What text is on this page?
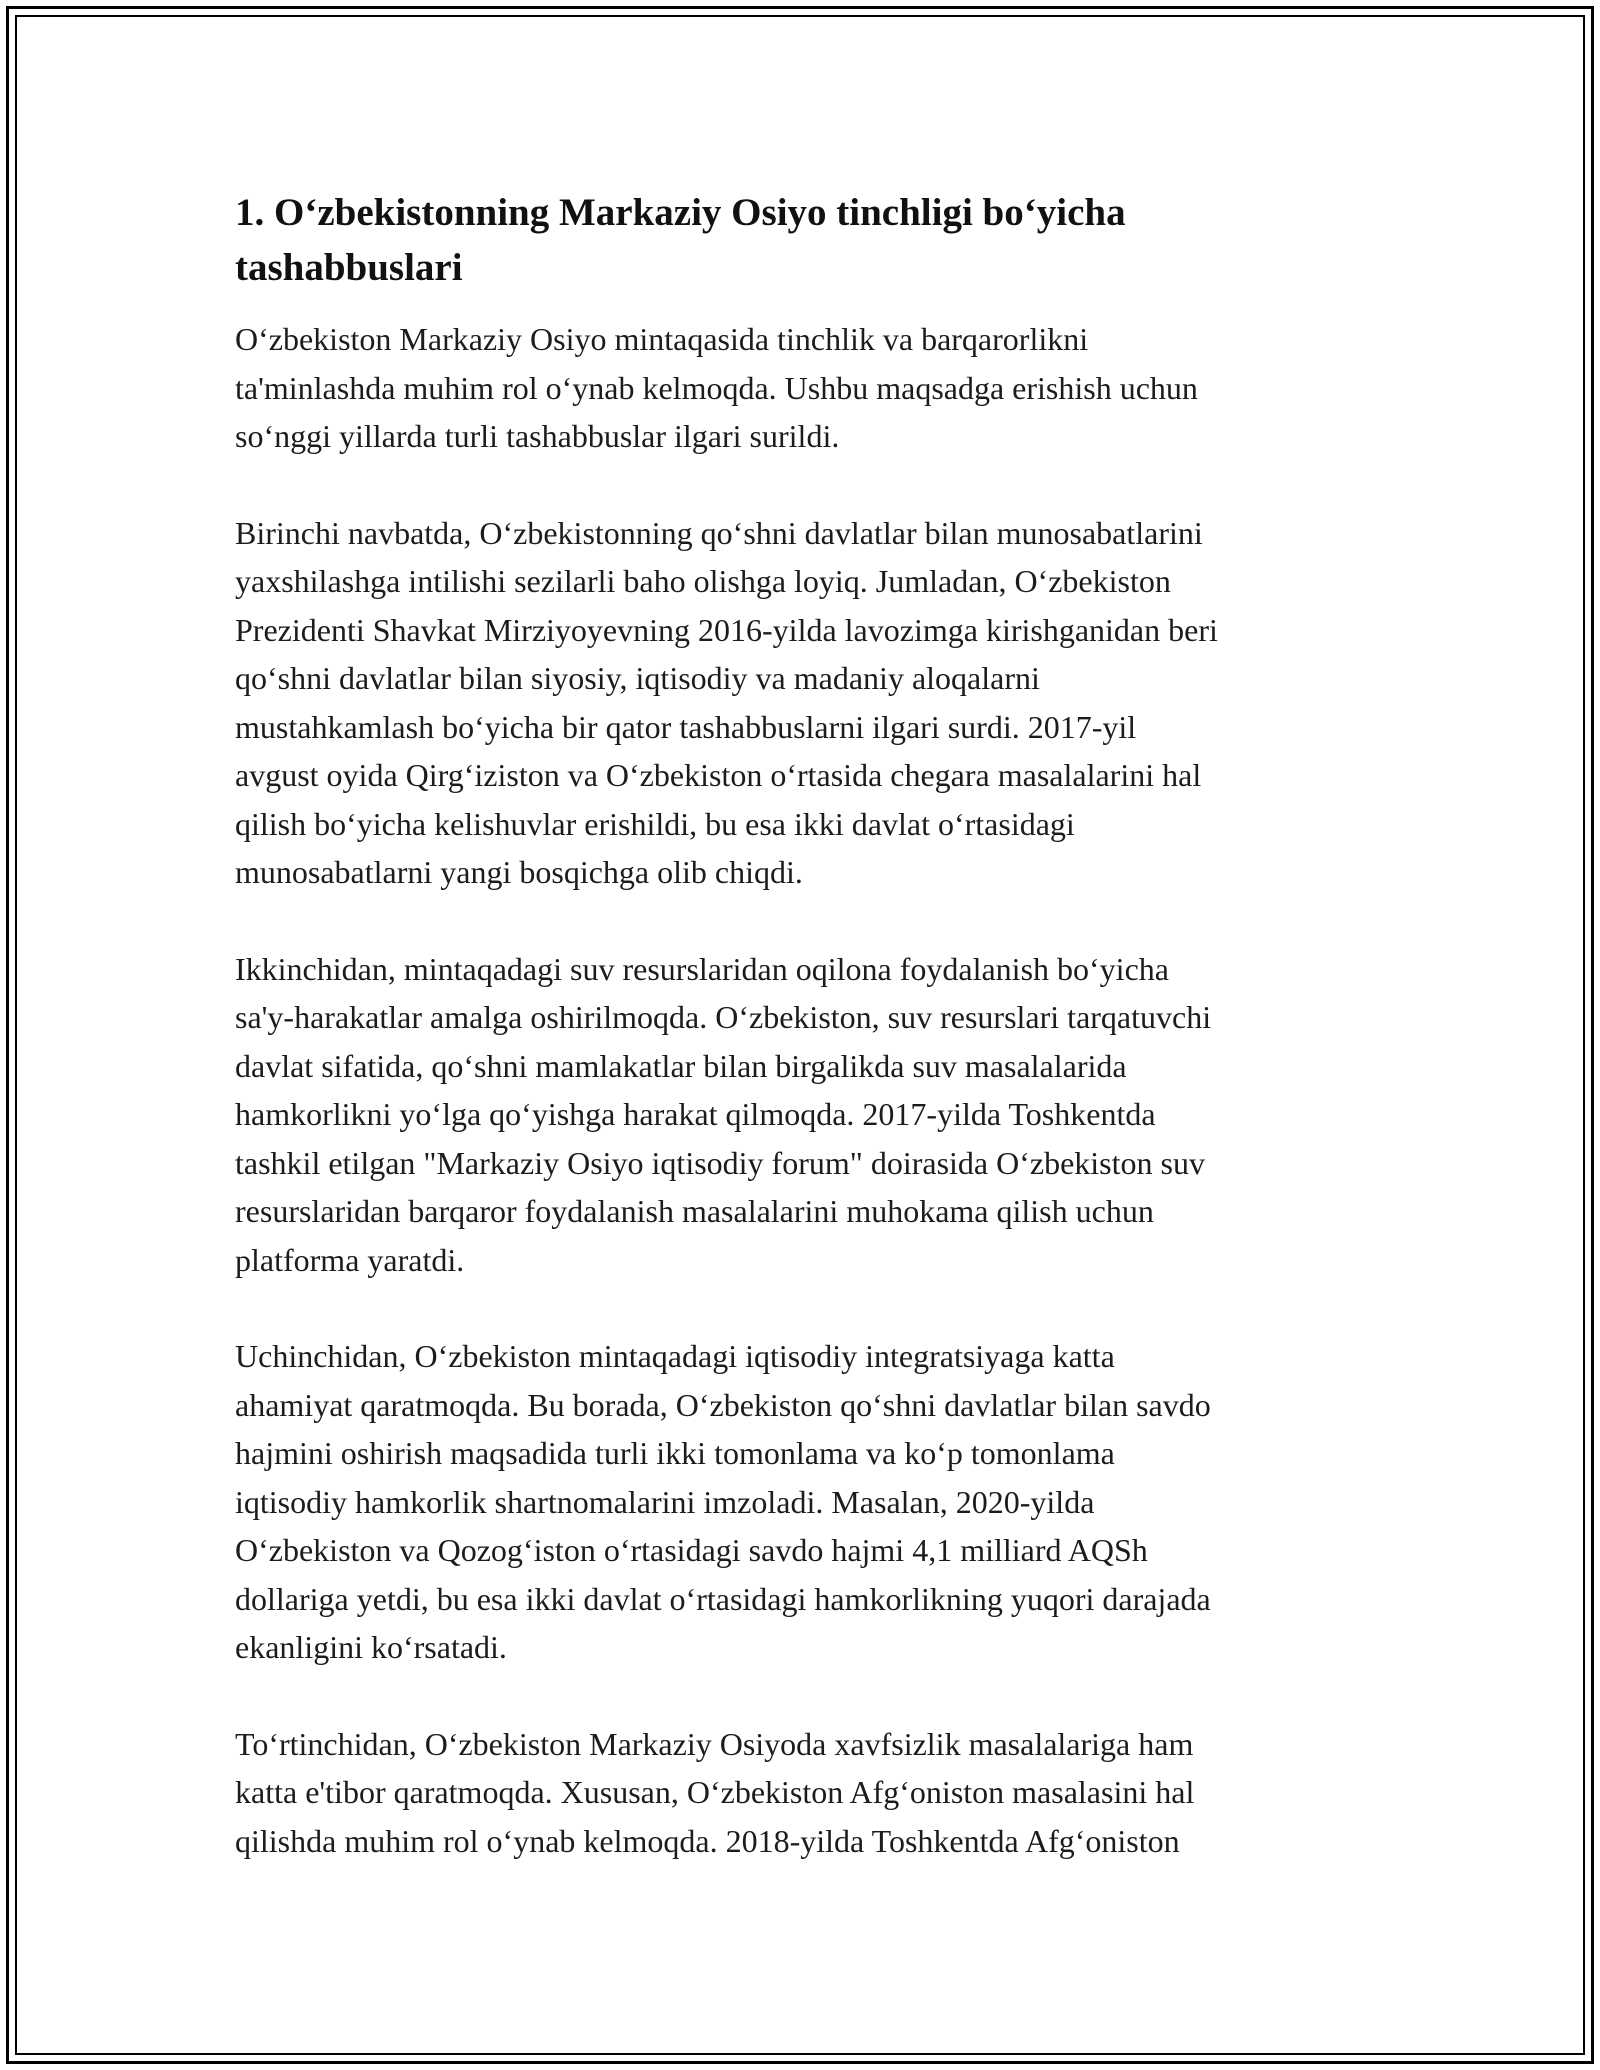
1. O‘zbekistonning Markaziy Osiyo tinchligi bo‘yicha
tashabbuslari

O‘zbekiston Markaziy Osiyo mintaqasida tinchlik va barqarorlikni
ta'minlashda muhim rol o‘ynab kelmoqda. Ushbu maqsadga erishish uchun
so‘nggi yillarda turli tashabbuslar ilgari surildi.

Birinchi navbatda, O‘zbekistonning qo‘shni davlatlar bilan munosabatlarini
yaxshilashga intilishi sezilarli baho olishga loyiq. Jumladan, O‘zbekiston
Prezidenti Shavkat Mirziyoyevning 2016-yilda lavozimga kirishganidan beri
qo‘shni davlatlar bilan siyosiy, iqtisodiy va madaniy aloqalarni
mustahkamlash bo‘yicha bir qator tashabbuslarni ilgari surdi. 2017-yil
avgust oyida Qirg‘iziston va O‘zbekiston o‘rtasida chegara masalalarini hal
qilish bo‘yicha kelishuvlar erishildi, bu esa ikki davlat o‘rtasidagi
munosabatlarni yangi bosqichga olib chiqdi.

Ikkinchidan, mintaqadagi suv resurslaridan oqilona foydalanish bo‘yicha
sa'y-harakatlar amalga oshirilmoqda. O‘zbekiston, suv resurslari tarqatuvchi
davlat sifatida, qo‘shni mamlakatlar bilan birgalikda suv masalalarida
hamkorlikni yo‘lga qo‘yishga harakat qilmoqda. 2017-yilda Toshkentda
tashkil etilgan "Markaziy Osiyo iqtisodiy forum" doirasida O‘zbekiston suv
resurslaridan barqaror foydalanish masalalarini muhokama qilish uchun
platforma yaratdi.

Uchinchidan, O‘zbekiston mintaqadagi iqtisodiy integratsiyaga katta
ahamiyat qaratmoqda. Bu borada, O‘zbekiston qo‘shni davlatlar bilan savdo
hajmini oshirish maqsadida turli ikki tomonlama va ko‘p tomonlama
iqtisodiy hamkorlik shartnomalarini imzoladi. Masalan, 2020-yilda
O‘zbekiston va Qozog‘iston o‘rtasidagi savdo hajmi 4,1 milliard AQSh
dollariga yetdi, bu esa ikki davlat o‘rtasidagi hamkorlikning yuqori darajada
ekanligini ko‘rsatadi.

To‘rtinchidan, O‘zbekiston Markaziy Osiyoda xavfsizlik masalalariga ham
katta e'tibor qaratmoqda. Xususan, O‘zbekiston Afg‘oniston masalasini hal
qilishda muhim rol o‘ynab kelmoqda. 2018-yilda Toshkentda Afg‘oniston
